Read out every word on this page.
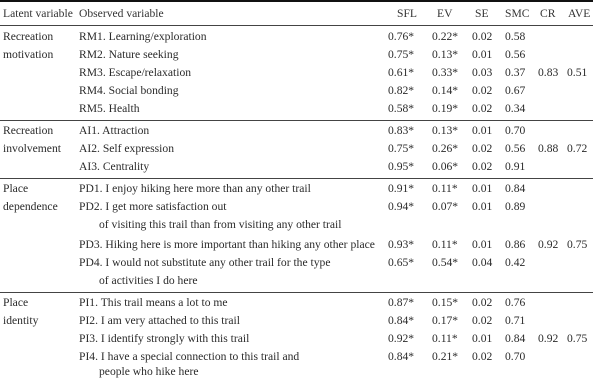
Latent variable Observed variable	SFL EV SE SMC CR AVE
Recreation
motivation
RM1. Learning/exploration	0.76* 0.22* 0.02 0.58
RM2. Nature seeking	0.75* 0.13* 0.01 0.56
RM3. Escape/relaxation	0.61* 0.33* 0.03 0.37 0.83 0.51
RM4. Social bonding	0.82* 0.14* 0.02 0.67
RM5. Health	0.58* 0.19* 0.02 0.34
Recreation
involvement
AI1. Attraction	0.83* 0.13* 0.01 0.70
AI2. Self expression	0.75* 0.26* 0.02 0.56 0.88 0.72
AI3. Centrality	0.95* 0.06* 0.02 0.91
Place
dependence
PD1. I enjoy hiking here more than any other trail	0.91* 0.11* 0.01 0.84
PD2. I get more satisfaction out	0.94* 0.07* 0.01 0.89
of visiting this trail than from visiting any other trail
PD3. Hiking here is more important than hiking any other place 0.93* 0.11* 0.01 0.86 0.92 0.75
PD4. I would not substitute any other trail for the type	0.65* 0.54* 0.04 0.42
of activities I do here
Place
identity
PI1. This trail means a lot to me	0.87* 0.15* 0.02 0.76
PI2. I am very attached to this trail	0.84* 0.17* 0.02 0.71
PI3. I identify strongly with this trail	0.92* 0.11* 0.01 0.84 0.92 0.75
PI4. I have a special connection to this trail and	0.84* 0.21* 0.02 0.70
people who hike here
